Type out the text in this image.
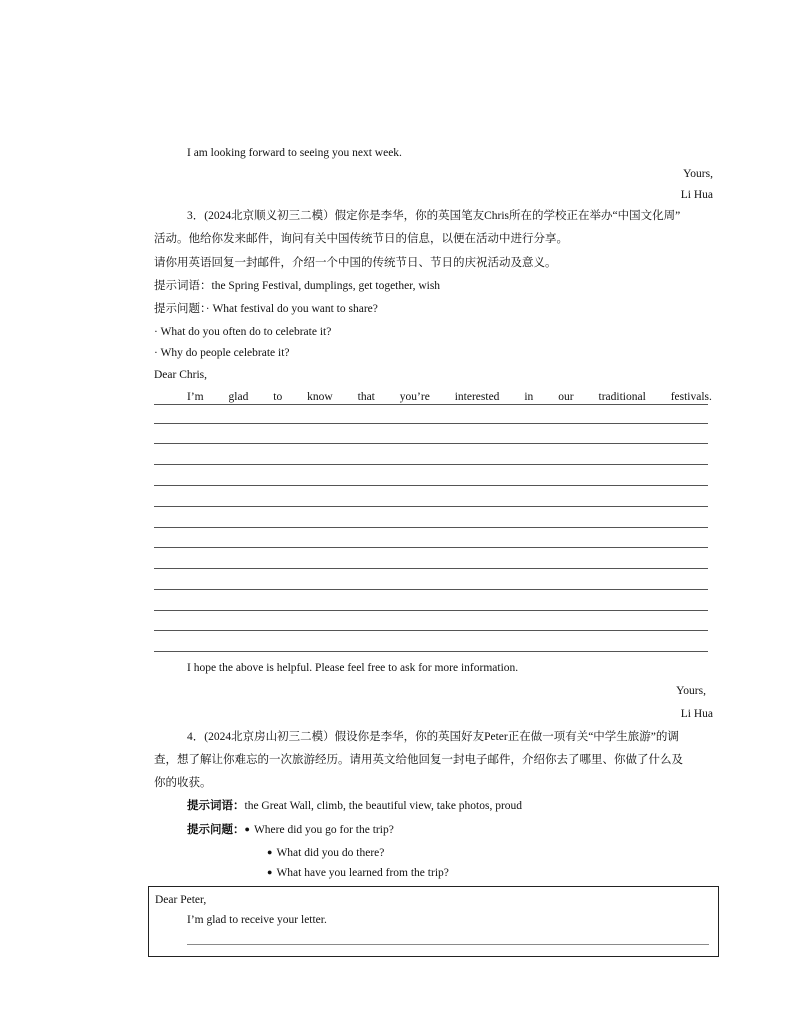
I am looking forward to seeing you next week.
Yours,
Li Hua
3．(2024北京顺义初三二模）假定你是李华，你的英国笔友Chris所在的学校正在举办“中国文化周”
活动。他给你发来邮件，询问有关中国传统节日的信息，以便在活动中进行分享。
请你用英语回复一封邮件，介绍一个中国的传统节日、节日的庆祝活动及意义。
提示词语：the Spring Festival, dumplings, get together, wish
提示问题：· What festival do you want to share?
· What do you often do to celebrate it?
· Why do people celebrate it?
Dear Chris,
I’m glad to know that you’re interested in our traditional festivals.
I hope the above is helpful. Please feel free to ask for more information.
Yours,
Li Hua
4．(2024北京房山初三二模）假设你是李华，你的英国好友Peter正在做一项有关“中学生旅游”的调
查，想了解让你难忘的一次旅游经历。请用英文给他回复一封电子邮件，介绍你去了哪里、你做了什么及
你的收获。
提示词语：the Great Wall, climb, the beautiful view, take photos, proud
提示问题：● Where did you go for the trip?
● What did you do there?
● What have you learned from the trip?
Dear Peter,
I’m glad to receive your letter.
